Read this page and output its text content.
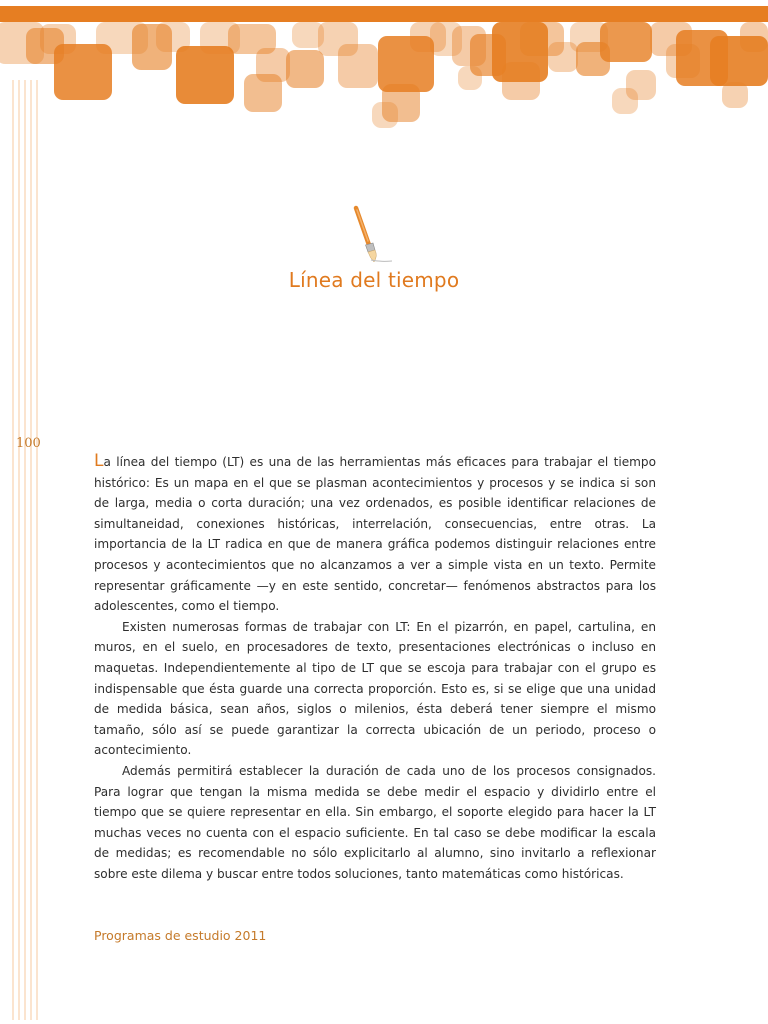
100
Línea del tiempo

La línea del tiempo (LT) es una de las herramientas más eficaces para trabajar el tiempo histórico: Es un mapa en el que se plasman acontecimientos y procesos y se indica si son de larga, media o corta duración; una vez ordenados, es posible identificar relaciones de simultaneidad, conexiones históricas, interrelación, consecuencias, entre otras. La importancia de la LT radica en que de manera gráfica podemos distinguir relaciones entre procesos y acontecimientos que no alcanzamos a ver a simple vista en un texto. Permite representar gráficamente —y en este sentido, concretar— fenómenos abstractos para los adolescentes, como el tiempo.

Existen numerosas formas de trabajar con LT: En el pizarrón, en papel, cartulina, en muros, en el suelo, en procesadores de texto, presentaciones electrónicas o incluso en maquetas. Independientemente al tipo de LT que se escoja para trabajar con el grupo es indispensable que ésta guarde una correcta proporción. Esto es, si se elige que una unidad de medida básica, sean años, siglos o milenios, ésta deberá tener siempre el mismo tamaño, sólo así se puede garantizar la correcta ubicación de un periodo, proceso o acontecimiento.

Además permitirá establecer la duración de cada uno de los procesos consignados. Para lograr que tengan la misma medida se debe medir el espacio y dividirlo entre el tiempo que se quiere representar en ella. Sin embargo, el soporte elegido para hacer la LT muchas veces no cuenta con el espacio suficiente. En tal caso se debe modificar la escala de medidas; es recomendable no sólo explicitarlo al alumno, sino invitarlo a reflexionar sobre este dilema y buscar entre todos soluciones, tanto matemáticas como históricas.

Programas de estudio 2011
